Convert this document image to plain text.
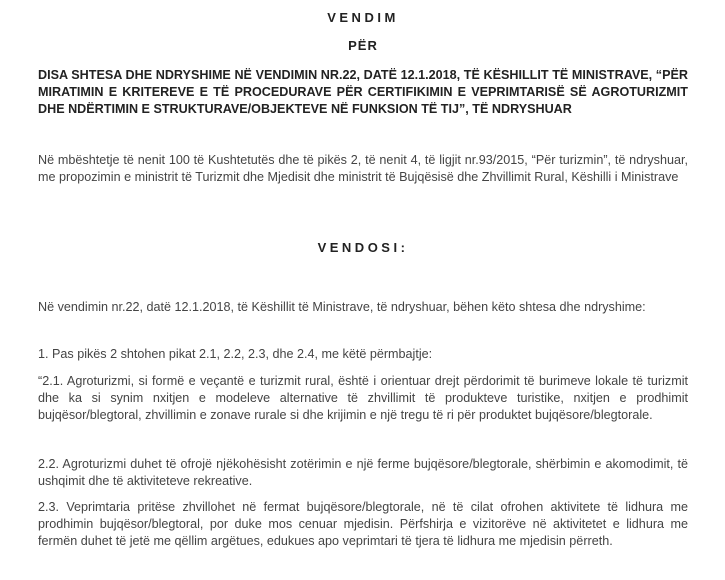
VENDIM
PËR

DISA SHTESA DHE NDRYSHIME NË VENDIMIN NR.22, DATË 12.1.2018, TË KËSHILLIT TË MINISTRAVE, “PËR MIRATIMIN E KRITEREVE E TË PROCEDURAVE PËR CERTIFIKIMIN E VEPRIMTARISË SË AGROTURIZMIT DHE NDËRTIMIN E STRUKTURAVE/OBJEKTEVE NË FUNKSION TË TIJ”, TË NDRYSHUAR

Në mbështetje të nenit 100 të Kushtetutës dhe të pikës 2, të nenit 4, të ligjit nr.93/2015, “Për turizmin”, të ndryshuar, me propozimin e ministrit të Turizmit dhe Mjedisit dhe ministrit të Bujqësisë dhe Zhvillimit Rural, Këshilli i Ministrave

VENDOSI:

Në vendimin nr.22, datë 12.1.2018, të Këshillit të Ministrave, të ndryshuar, bëhen këto shtesa dhe ndryshime:

1. Pas pikës 2 shtohen pikat 2.1, 2.2, 2.3, dhe 2.4, me këtë përmbajtje:

“2.1. Agroturizmi, si formë e veçantë e turizmit rural, është i orientuar drejt përdorimit të burimeve lokale të turizmit dhe ka si synim nxitjen e modeleve alternative të zhvillimit të produkteve turistike, nxitjen e prodhimit bujqësor/blegtoral, zhvillimin e zonave rurale si dhe krijimin e një tregu të ri për produktet bujqësore/blegtorale.

2.2. Agroturizmi duhet të ofrojë njëkohësisht zotërimin e një ferme bujqësore/blegtorale, shërbimin e akomodimit, të ushqimit dhe të aktiviteteve rekreative.

2.3. Veprimtaria pritëse zhvillohet në fermat bujqësore/blegtorale, në të cilat ofrohen aktivitete të lidhura me prodhimin bujqësor/blegtoral, por duke mos cenuar mjedisin. Përfshirja e vizitorëve në aktivitetet e lidhura me fermën duhet të jetë me qëllim argëtues, edukues apo veprimtari të tjera të lidhura me mjedisin përreth.
